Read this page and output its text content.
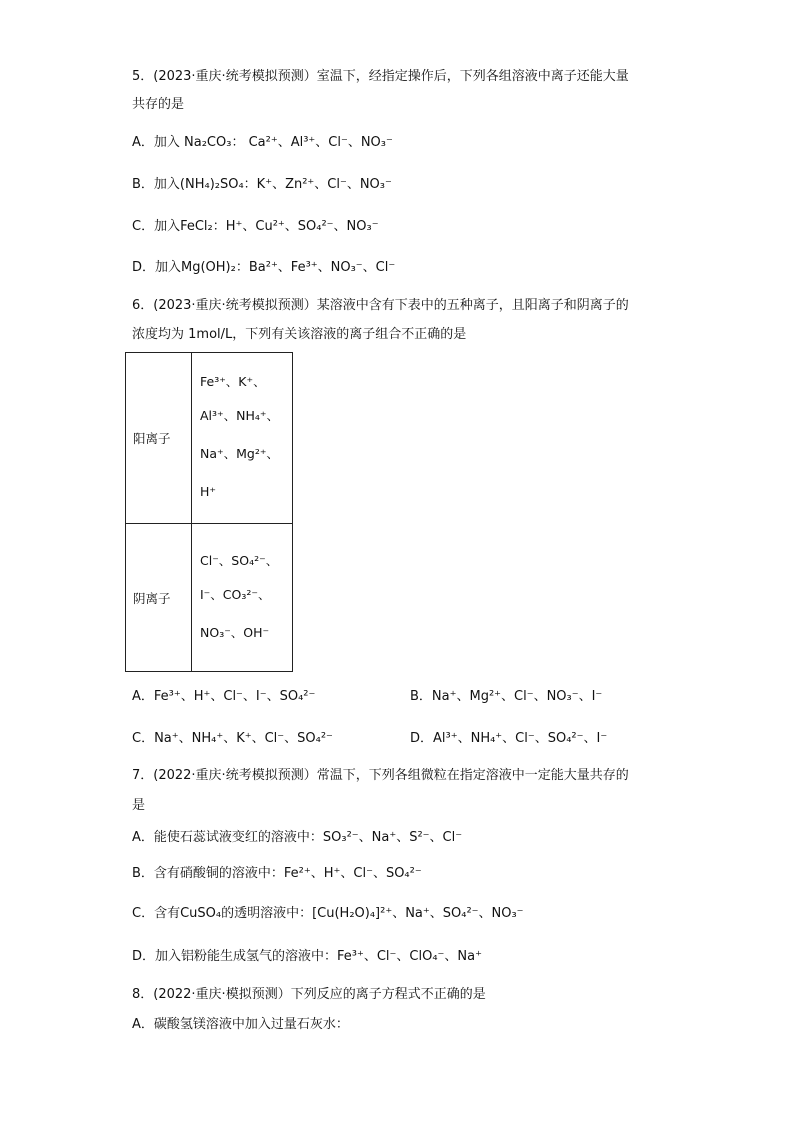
5．(2023·重庆·统考模拟预测）室温下，经指定操作后，下列各组溶液中离子还能大量
共存的是
A．加入 Na₂CO₃： Ca²⁺、Al³⁺、Cl⁻、NO₃⁻
B．加入(NH₄)₂SO₄：K⁺、Zn²⁺、Cl⁻、NO₃⁻
C．加入FeCl₂：H⁺、Cu²⁺、SO₄²⁻、NO₃⁻
D．加入Mg(OH)₂：Ba²⁺、Fe³⁺、NO₃⁻、Cl⁻
6．(2023·重庆·统考模拟预测）某溶液中含有下表中的五种离子，且阳离子和阴离子的
浓度均为 1mol/L，下列有关该溶液的离子组合不正确的是
阳离子	Fe³⁺、K⁺、
Al³⁺、NH₄⁺、
Na⁺、Mg²⁺、
H⁺

阴离子	Cl⁻、SO₄²⁻、
I⁻、CO₃²⁻、
NO₃⁻、OH⁻
A．Fe³⁺、H⁺、Cl⁻、I⁻、SO₄²⁻	B．Na⁺、Mg²⁺、Cl⁻、NO₃⁻、I⁻
C．Na⁺、NH₄⁺、K⁺、Cl⁻、SO₄²⁻	D．Al³⁺、NH₄⁺、Cl⁻、SO₄²⁻、I⁻
7．(2022·重庆·统考模拟预测）常温下，下列各组微粒在指定溶液中一定能大量共存的
是
A．能使石蕊试液变红的溶液中：SO₃²⁻、Na⁺、S²⁻、Cl⁻
B．含有硝酸铜的溶液中：Fe²⁺、H⁺、Cl⁻、SO₄²⁻
C．含有CuSO₄的透明溶液中：[Cu(H₂O)₄]²⁺、Na⁺、SO₄²⁻、NO₃⁻
D．加入铝粉能生成氢气的溶液中：Fe³⁺、Cl⁻、ClO₄⁻、Na⁺
8．(2022·重庆·模拟预测）下列反应的离子方程式不正确的是
A．碳酸氢镁溶液中加入过量石灰水：
